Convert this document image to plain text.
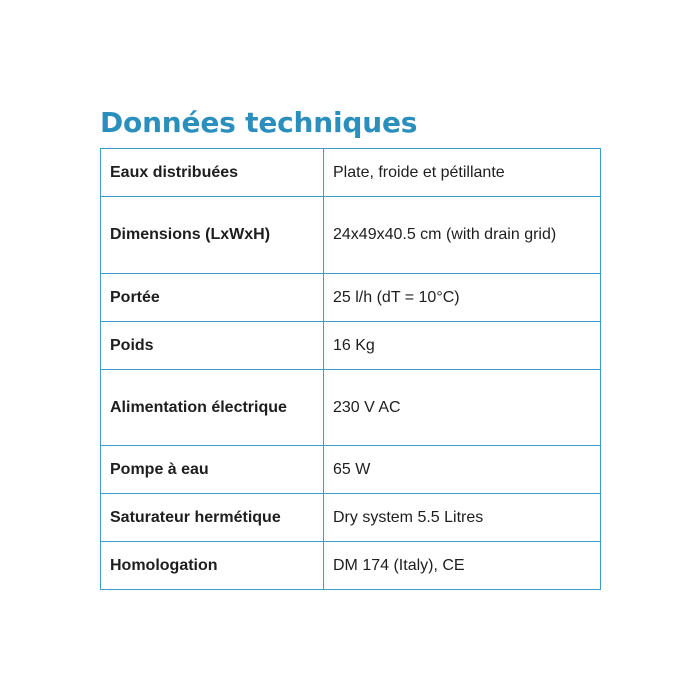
Données techniques
Eaux distribuées	Plate, froide et pétillante
Dimensions (LxWxH)	24x49x40.5 cm (with drain grid)
Portée	25 l/h (dT = 10°C)
Poids	16 Kg
Alimentation électrique	230 V AC
Pompe à eau	65 W
Saturateur hermétique	Dry system 5.5 Litres
Homologation	DM 174 (Italy), CE
